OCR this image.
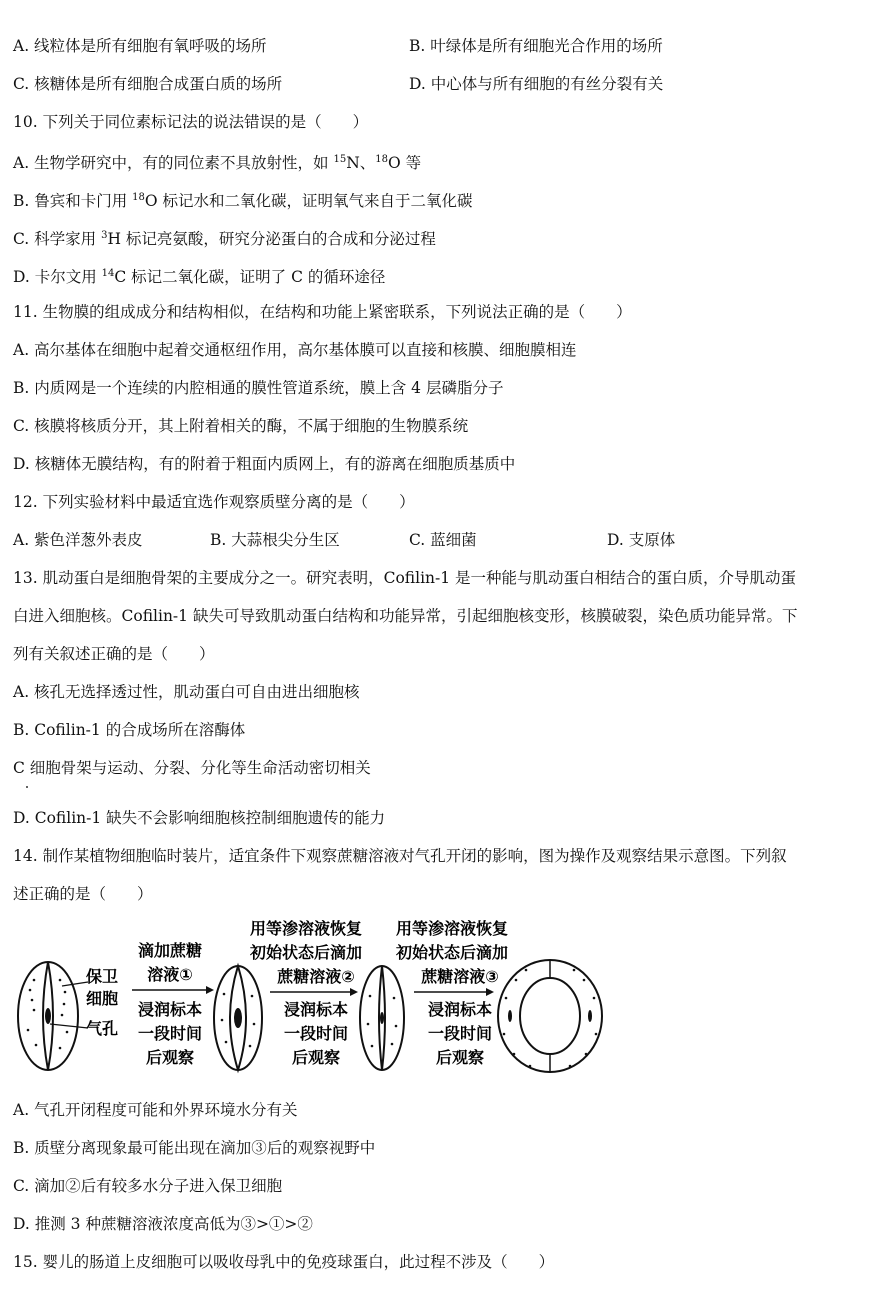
A. 线粒体是所有细胞有氧呼吸的场所	B. 叶绿体是所有细胞光合作用的场所
C. 核糖体是所有细胞合成蛋白质的场所	D. 中心体与所有细胞的有丝分裂有关
10. 下列关于同位素标记法的说法错误的是（　　）
A. 生物学研究中，有的同位素不具放射性，如 $^{15}$N、$^{18}$O 等
B. 鲁宾和卡门用 $^{18}$O 标记水和二氧化碳，证明氧气来自于二氧化碳
C. 科学家用 $^3$H 标记亮氨酸，研究分泌蛋白的合成和分泌过程
D. 卡尔文用 $^{14}$C 标记二氧化碳，证明了 C 的循环途径
11. 生物膜的组成成分和结构相似，在结构和功能上紧密联系，下列说法正确的是（　　）
A. 高尔基体在细胞中起着交通枢纽作用，高尔基体膜可以直接和核膜、细胞膜相连
B. 内质网是一个连续的内腔相通的膜性管道系统，膜上含 4 层磷脂分子
C. 核膜将核质分开，其上附着相关的酶，不属于细胞的生物膜系统
D. 核糖体无膜结构，有的附着于粗面内质网上，有的游离在细胞质基质中
12. 下列实验材料中最适宜选作观察质壁分离的是（　　）
A. 紫色洋葱外表皮	B. 大蒜根尖分生区	C. 蓝细菌	D. 支原体
13. 肌动蛋白是细胞骨架的主要成分之一。研究表明，Cofilin-1 是一种能与肌动蛋白相结合的蛋白质，介导肌动蛋
白进入细胞核。Cofilin-1 缺失可导致肌动蛋白结构和功能异常，引起细胞核变形，核膜破裂，染色质功能异常。下
列有关叙述正确的是（　　）
A. 核孔无选择透过性，肌动蛋白可自由进出细胞核
B. Cofilin-1 的合成场所在溶酶体
C 细胞骨架与运动、分裂、分化等生命活动密切相关
D. Cofilin-1 缺失不会影响细胞核控制细胞遗传的能力
14. 制作某植物细胞临时装片，适宜条件下观察蔗糖溶液对气孔开闭的影响，图为操作及观察结果示意图。下列叙
述正确的是（　　）
保卫
细胞
气孔
滴加蔗糖
溶液①
浸润标本
一段时间
后观察
用等渗溶液恢复
初始状态后滴加
蔗糖溶液②
浸润标本
一段时间
后观察
用等渗溶液恢复
初始状态后滴加
蔗糖溶液③
浸润标本
一段时间
后观察
A. 气孔开闭程度可能和外界环境水分有关
B. 质壁分离现象最可能出现在滴加③后的观察视野中
C. 滴加②后有较多水分子进入保卫细胞
D. 推测 3 种蔗糖溶液浓度高低为③>①>②
15. 婴儿的肠道上皮细胞可以吸收母乳中的免疫球蛋白，此过程不涉及（　　）
